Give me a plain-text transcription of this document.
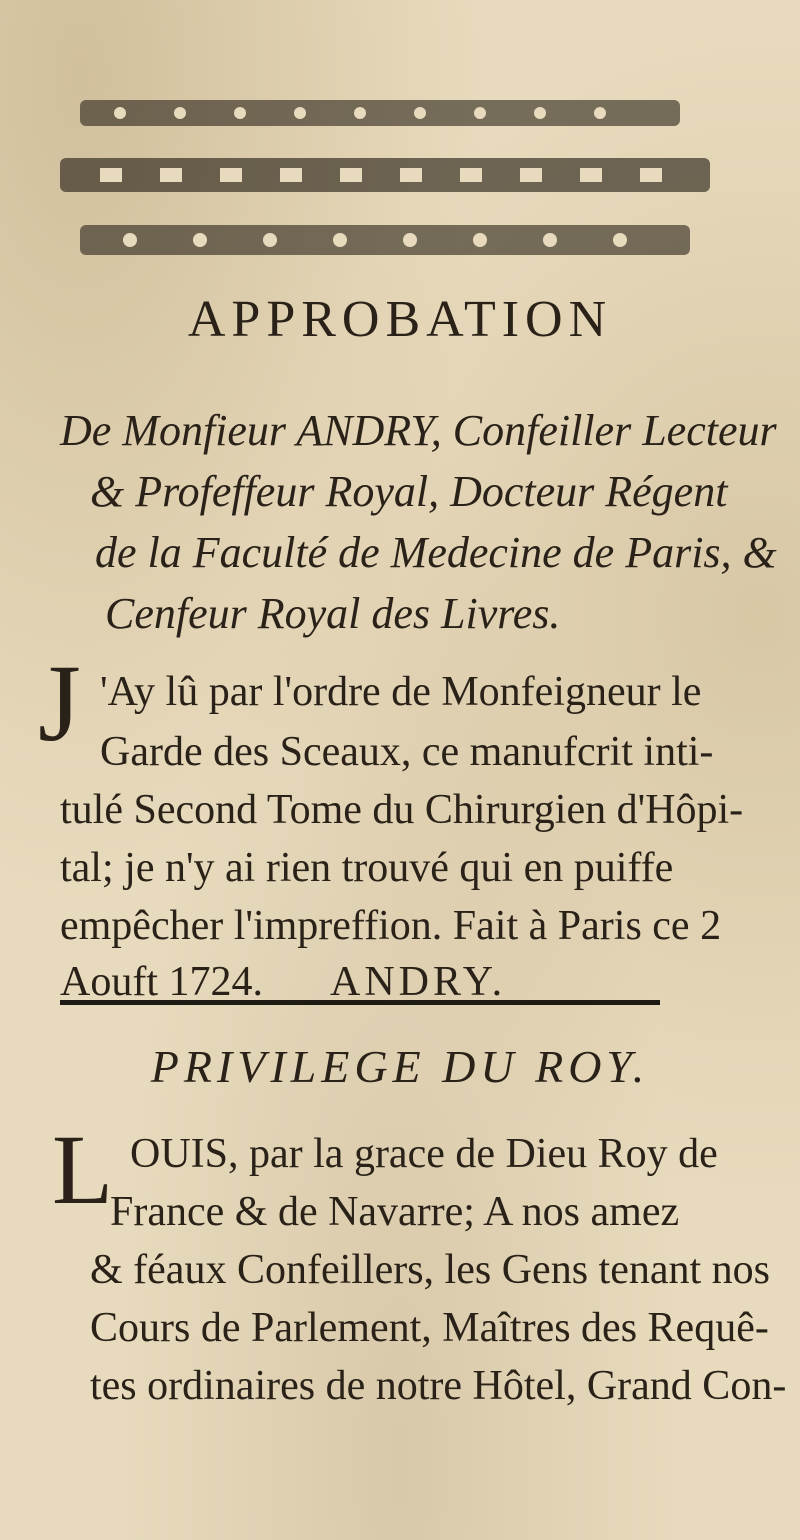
APPROBATION
De Monfieur ANDRY, Confeiller Lecteur
& Profeffeur Royal, Docteur Régent
de la Faculté de Medecine de Paris, &
Cenfeur Royal des Livres.
J 'Ay lû par l'ordre de Monfeigneur le
Garde des Sceaux, ce manufcrit inti-
tulé Second Tome du Chirurgien d'Hôpi-
tal; je n'y ai rien trouvé qui en puiffe
empêcher l'impreffion. Fait à Paris ce 2
Aouft 1724. ANDRY.
PRIVILEGE DU ROY.
L OUIS, par la grace de Dieu Roy de
France & de Navarre; A nos amez
& féaux Confeillers, les Gens tenant nos
Cours de Parlement, Maîtres des Requê-
tes ordinaires de notre Hôtel, Grand Con-
